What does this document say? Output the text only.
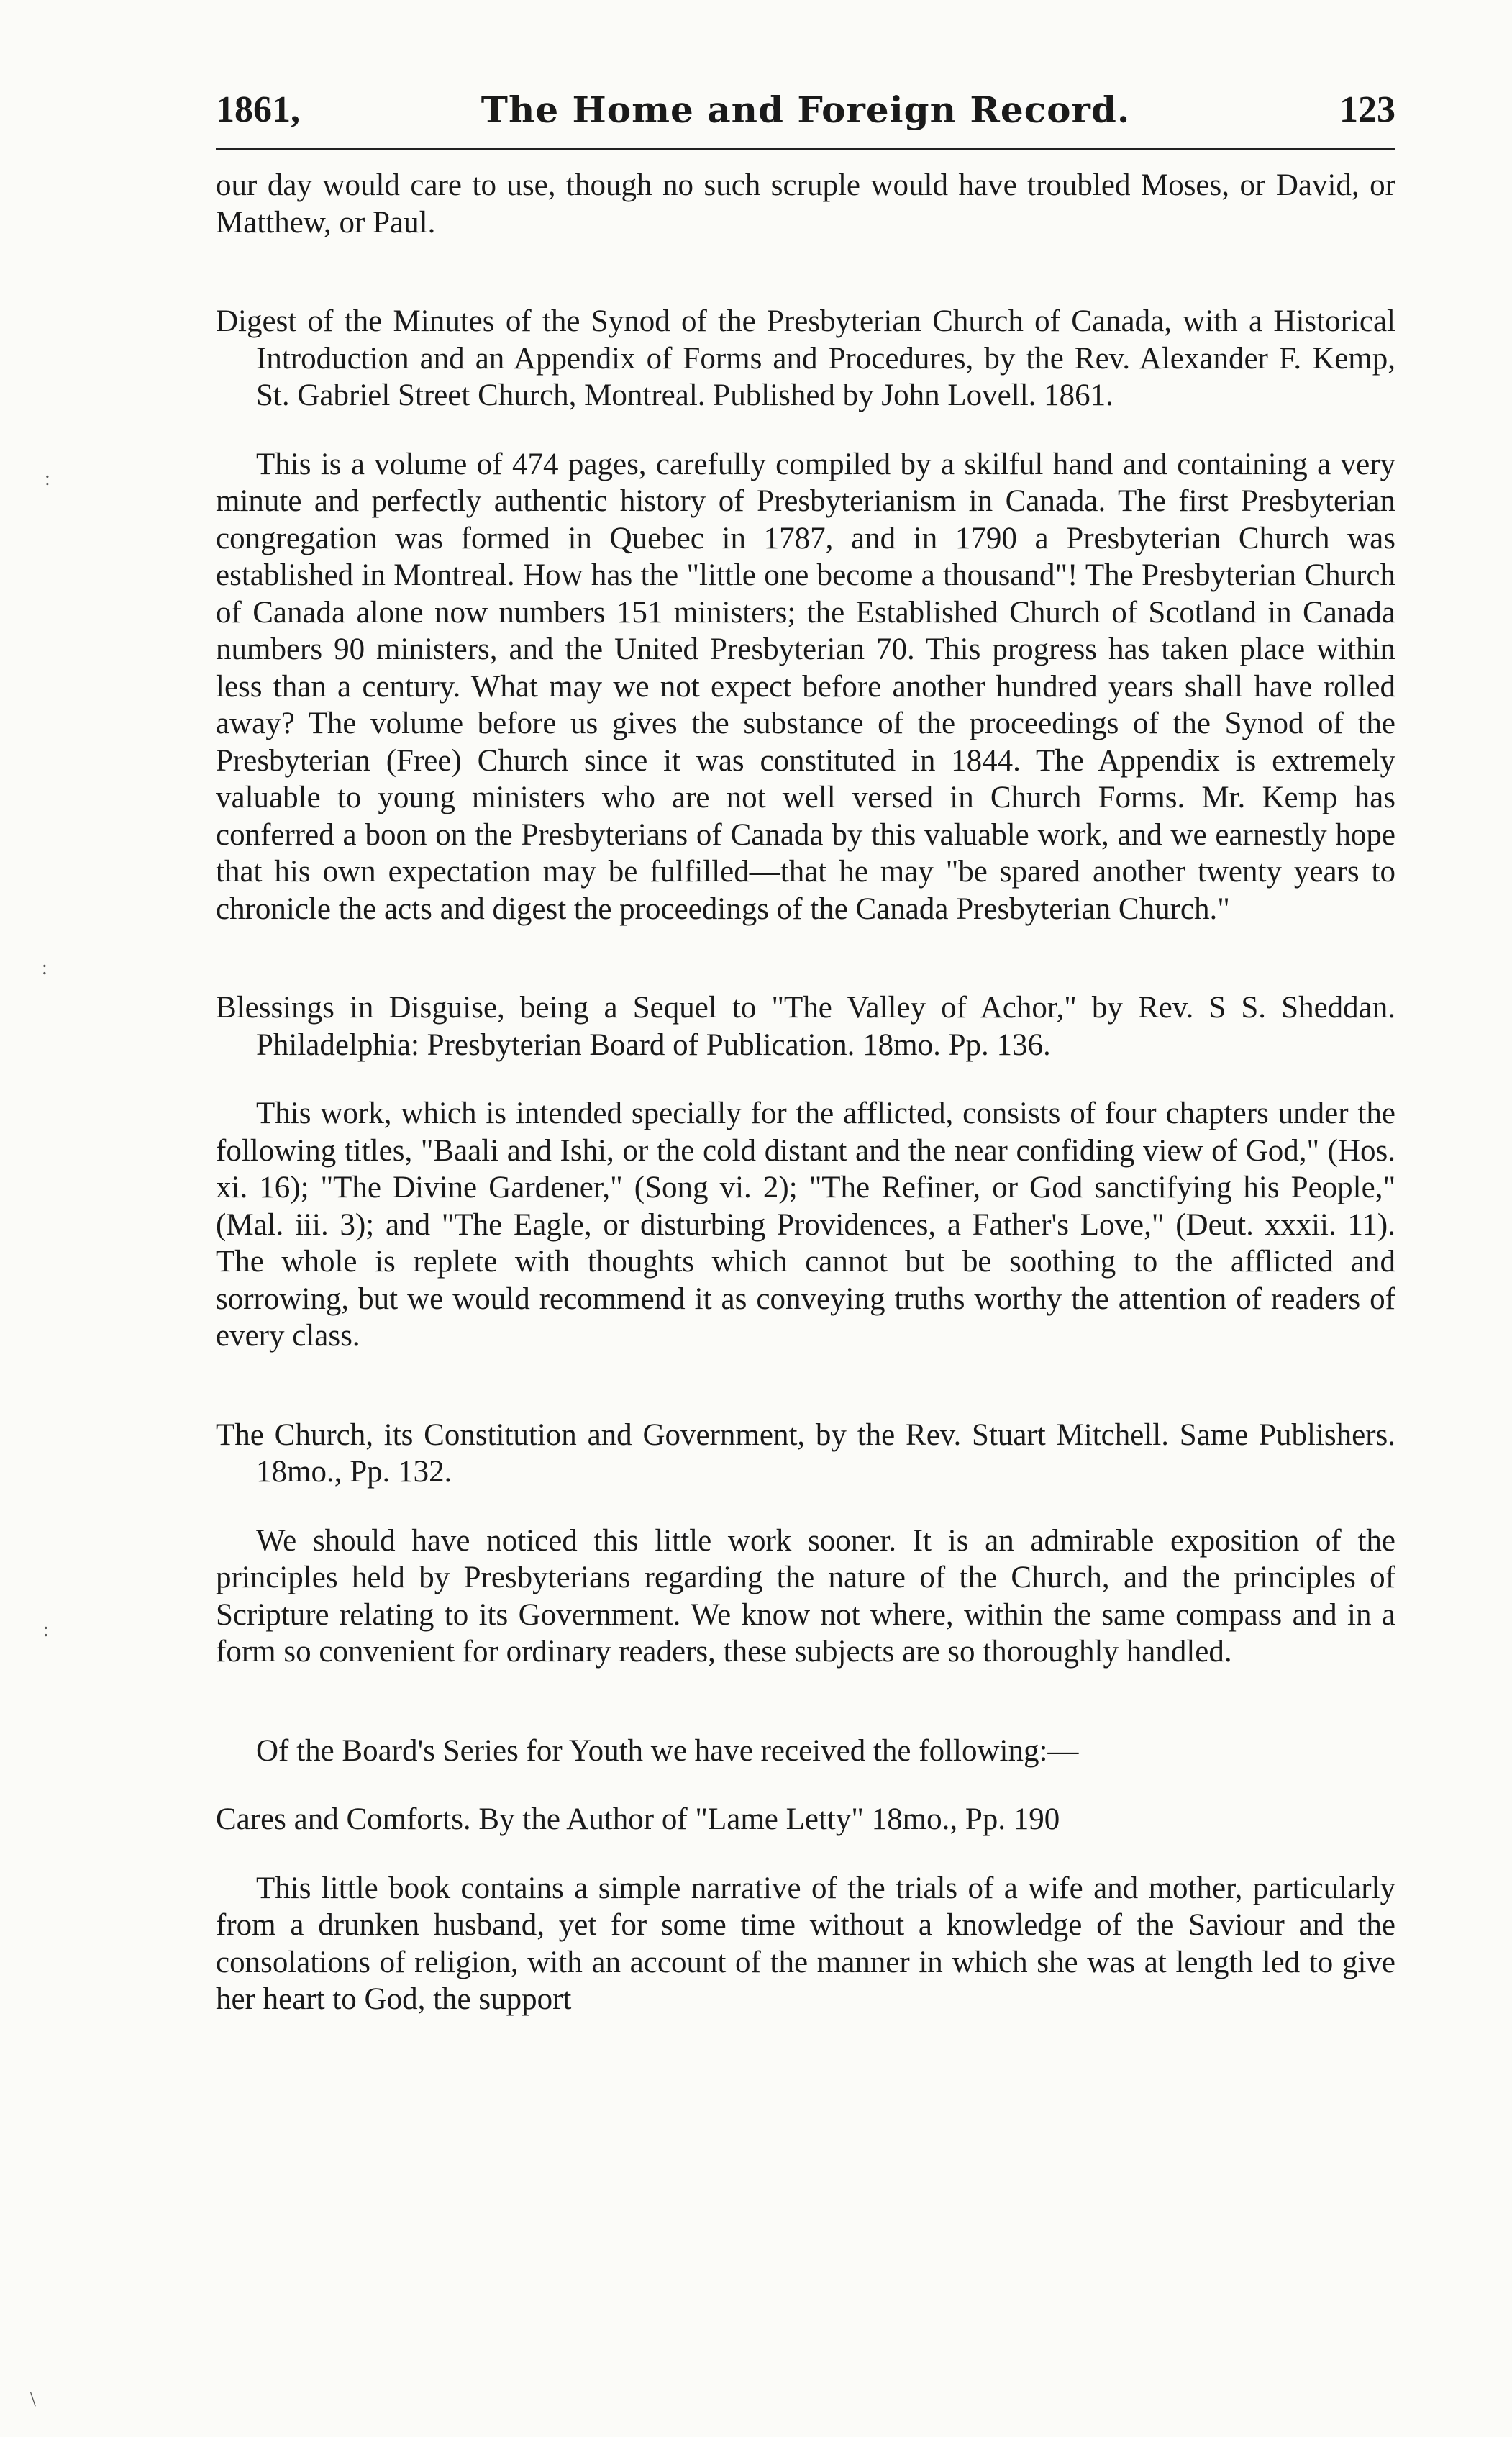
:
:
:
\
The Home and Foreign Record.
1861,	123

our day would care to use, though no such scruple would have troubled Moses, or David, or Matthew, or Paul.

Digest of the Minutes of the Synod of the Presbyterian Church of Canada, with a Historical Introduction and an Appendix of Forms and Procedures, by the Rev. Alexander F. Kemp, St. Gabriel Street Church, Montreal. Published by John Lovell. 1861.

This is a volume of 474 pages, carefully compiled by a skilful hand and containing a very minute and perfectly authentic history of Presbyterianism in Canada. The first Presbyterian congregation was formed in Quebec in 1787, and in 1790 a Presbyterian Church was established in Montreal. How has the "little one become a thousand"! The Presbyterian Church of Canada alone now numbers 151 ministers; the Established Church of Scotland in Canada numbers 90 ministers, and the United Presbyterian 70. This progress has taken place within less than a century. What may we not expect before another hundred years shall have rolled away? The volume before us gives the substance of the proceedings of the Synod of the Presbyterian (Free) Church since it was constituted in 1844. The Appendix is extremely valuable to young ministers who are not well versed in Church Forms. Mr. Kemp has conferred a boon on the Presbyterians of Canada by this valuable work, and we earnestly hope that his own expectation may be fulfilled—that he may "be spared another twenty years to chronicle the acts and digest the proceedings of the Canada Presbyterian Church."

Blessings in Disguise, being a Sequel to "The Valley of Achor," by Rev. S S. Sheddan. Philadelphia: Presbyterian Board of Publication. 18mo. Pp. 136.

This work, which is intended specially for the afflicted, consists of four chapters under the following titles, "Baali and Ishi, or the cold distant and the near confiding view of God," (Hos. xi. 16); "The Divine Gardener," (Song vi. 2); "The Refiner, or God sanctifying his People," (Mal. iii. 3); and "The Eagle, or disturbing Providences, a Father's Love," (Deut. xxxii. 11). The whole is replete with thoughts which cannot but be soothing to the afflicted and sorrowing, but we would recommend it as conveying truths worthy the attention of readers of every class.

The Church, its Constitution and Government, by the Rev. Stuart Mitchell. Same Publishers. 18mo., Pp. 132.

We should have noticed this little work sooner. It is an admirable exposition of the principles held by Presbyterians regarding the nature of the Church, and the principles of Scripture relating to its Government. We know not where, within the same compass and in a form so convenient for ordinary readers, these subjects are so thoroughly handled.

Of the Board's Series for Youth we have received the following:—

Cares and Comforts. By the Author of "Lame Letty" 18mo., Pp. 190

This little book contains a simple narrative of the trials of a wife and mother, particularly from a drunken husband, yet for some time without a knowledge of the Saviour and the consolations of religion, with an account of the manner in which she was at length led to give her heart to God, the support
